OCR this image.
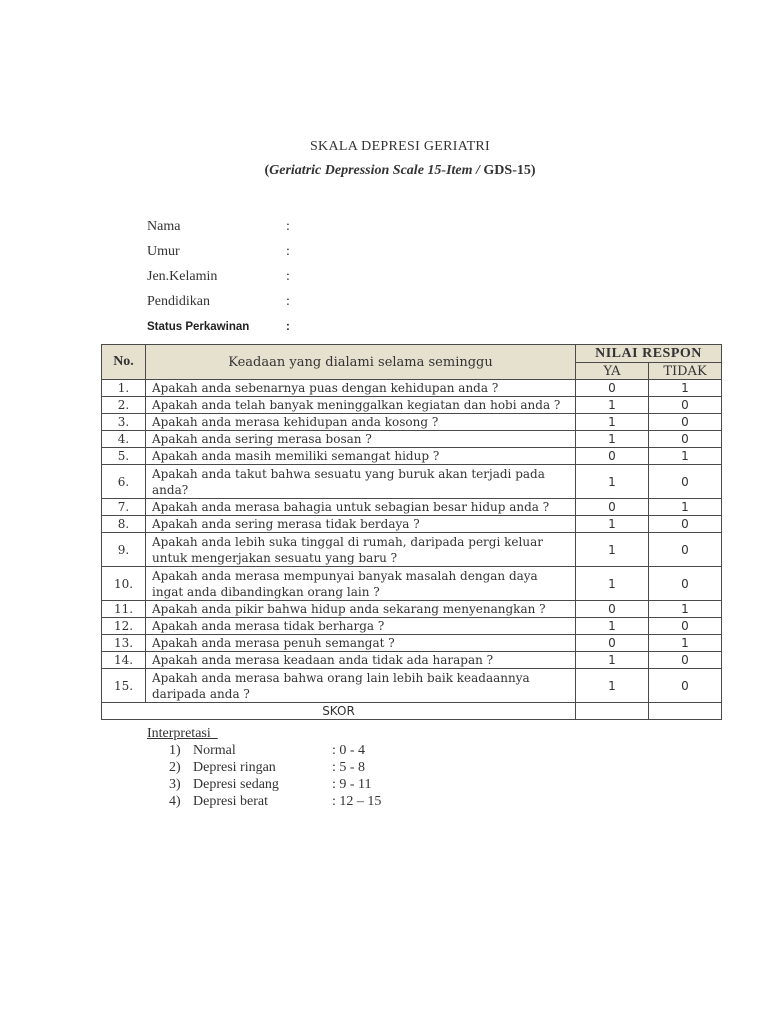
SKALA DEPRESI GERIATRI
(Geriatric Depression Scale 15-Item / GDS-15)
Nama	:
Umur	:
Jen.Kelamin	:
Pendidikan	:
Status Perkawinan	:
No.	Keadaan yang dialami selama seminggu	NILAI RESPON	
		YA	TIDAK
1.	Apakah anda sebenarnya puas dengan kehidupan anda ?	0	1
2.	Apakah anda telah banyak meninggalkan kegiatan dan hobi anda ?	1	0
3.	Apakah anda merasa kehidupan anda kosong ?	1	0
4.	Apakah anda sering merasa bosan ?	1	0
5.	Apakah anda masih memiliki semangat hidup ?	0	1
6.	Apakah anda takut bahwa sesuatu yang buruk akan terjadi pada anda?	1	0
7.	Apakah anda merasa bahagia untuk sebagian besar hidup anda ?	0	1
8.	Apakah anda sering merasa tidak berdaya ?	1	0
9.	Apakah anda lebih suka tinggal di rumah, daripada pergi keluar untuk mengerjakan sesuatu yang baru ?	1	0
10.	Apakah anda merasa mempunyai banyak masalah dengan daya ingat anda dibandingkan orang lain ?	1	0
11.	Apakah anda pikir bahwa hidup anda sekarang menyenangkan ?	0	1
12.	Apakah anda merasa tidak berharga ?	1	0
13.	Apakah anda merasa penuh semangat ?	0	1
14.	Apakah anda merasa keadaan anda tidak ada harapan ?	1	0
15.	Apakah anda merasa bahwa orang lain lebih baik keadaannya daripada anda ?	1	0
SKOR			
Interpretasi
1) Normal	: 0 - 4
2) Depresi ringan	: 5 - 8
3) Depresi sedang	: 9 - 11
4) Depresi berat	: 12 – 15
